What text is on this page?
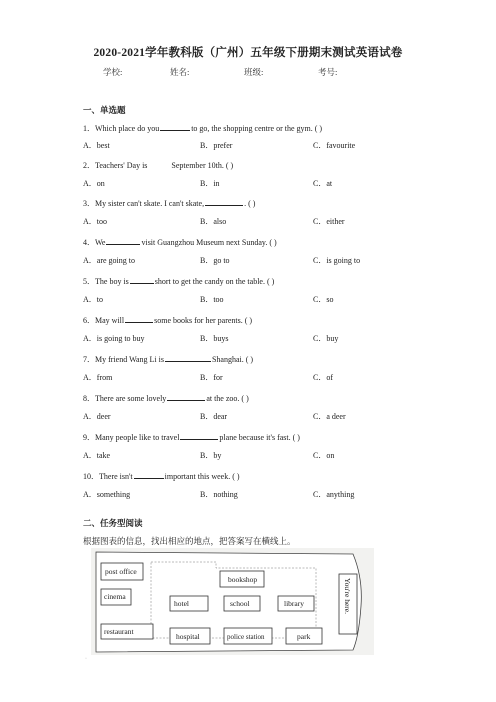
2020-2021学年教科版（广州）五年级下册期末测试英语试卷
学校:	姓名:	班级:	考号:
一、单选题
1．Which place do you	to go, the shopping centre or the gym. ( )
A．best	B．prefer	C．favourite
2．Teachers' Day is	September 10th. ( )
A．on	B．in	C．at
3．My sister can't skate. I can't skate,	. ( )
A．too	B．also	C．either
4．We	visit Guangzhou Museum next Sunday. ( )
A．are going to	B．go to	C．is going to
5．The boy is	short to get the candy on the table. ( )
A．to	B．too	C．so
6．May will	some books for her parents. ( )
A．is going to buy	B．buys	C．buy
7．My friend Wang Li is	Shanghai. ( )
A．from	B．for	C．of
8．There are some lovely	at the zoo. ( )
A．deer	B．dear	C．a deer
9．Many people like to travel	plane because it's fast. ( )
A．take	B．by	C．on
10．There isn't	important this week. ( )
A．something	B．nothing	C．anything
二、任务型阅读
根据图表的信息，找出相应的地点，把答案写在横线上。
post office
cinema
restaurant
bookshop
hotel	school	library
hospital	police station	park
You're here.
·
